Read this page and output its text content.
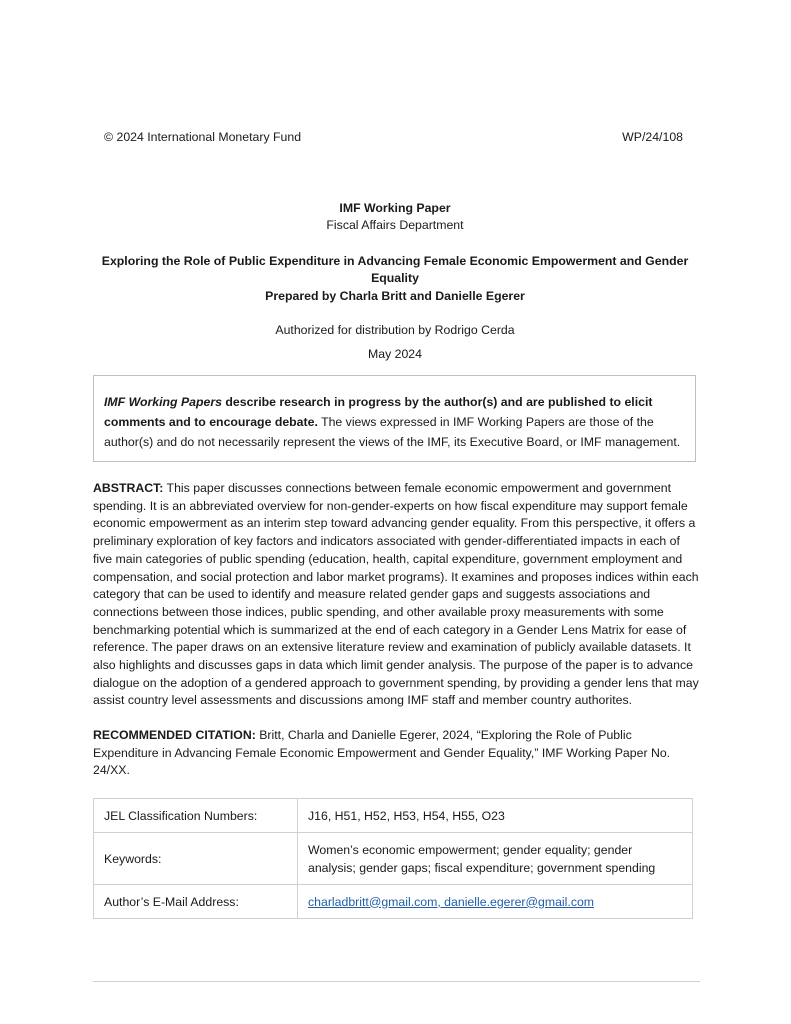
© 2024 International Monetary Fund	WP/24/108
IMF Working Paper
Fiscal Affairs Department
Exploring the Role of Public Expenditure in Advancing Female Economic Empowerment and Gender Equality
Prepared by Charla Britt and Danielle Egerer
Authorized for distribution by Rodrigo Cerda
May 2024
IMF Working Papers describe research in progress by the author(s) and are published to elicit comments and to encourage debate. The views expressed in IMF Working Papers are those of the author(s) and do not necessarily represent the views of the IMF, its Executive Board, or IMF management.
ABSTRACT: This paper discusses connections between female economic empowerment and government spending. It is an abbreviated overview for non-gender-experts on how fiscal expenditure may support female economic empowerment as an interim step toward advancing gender equality. From this perspective, it offers a preliminary exploration of key factors and indicators associated with gender-differentiated impacts in each of five main categories of public spending (education, health, capital expenditure, government employment and compensation, and social protection and labor market programs). It examines and proposes indices within each category that can be used to identify and measure related gender gaps and suggests associations and connections between those indices, public spending, and other available proxy measurements with some benchmarking potential which is summarized at the end of each category in a Gender Lens Matrix for ease of reference. The paper draws on an extensive literature review and examination of publicly available datasets. It also highlights and discusses gaps in data which limit gender analysis. The purpose of the paper is to advance dialogue on the adoption of a gendered approach to government spending, by providing a gender lens that may assist country level assessments and discussions among IMF staff and member country authorites.
RECOMMENDED CITATION: Britt, Charla and Danielle Egerer, 2024, “Exploring the Role of Public Expenditure in Advancing Female Economic Empowerment and Gender Equality,” IMF Working Paper No. 24/XX.
JEL Classification Numbers:	J16, H51, H52, H53, H54, H55, O23
Keywords:	Women’s economic empowerment; gender equality; gender analysis; gender gaps; fiscal expenditure; government spending
Author’s E-Mail Address:	charladbritt@gmail.com, danielle.egerer@gmail.com
